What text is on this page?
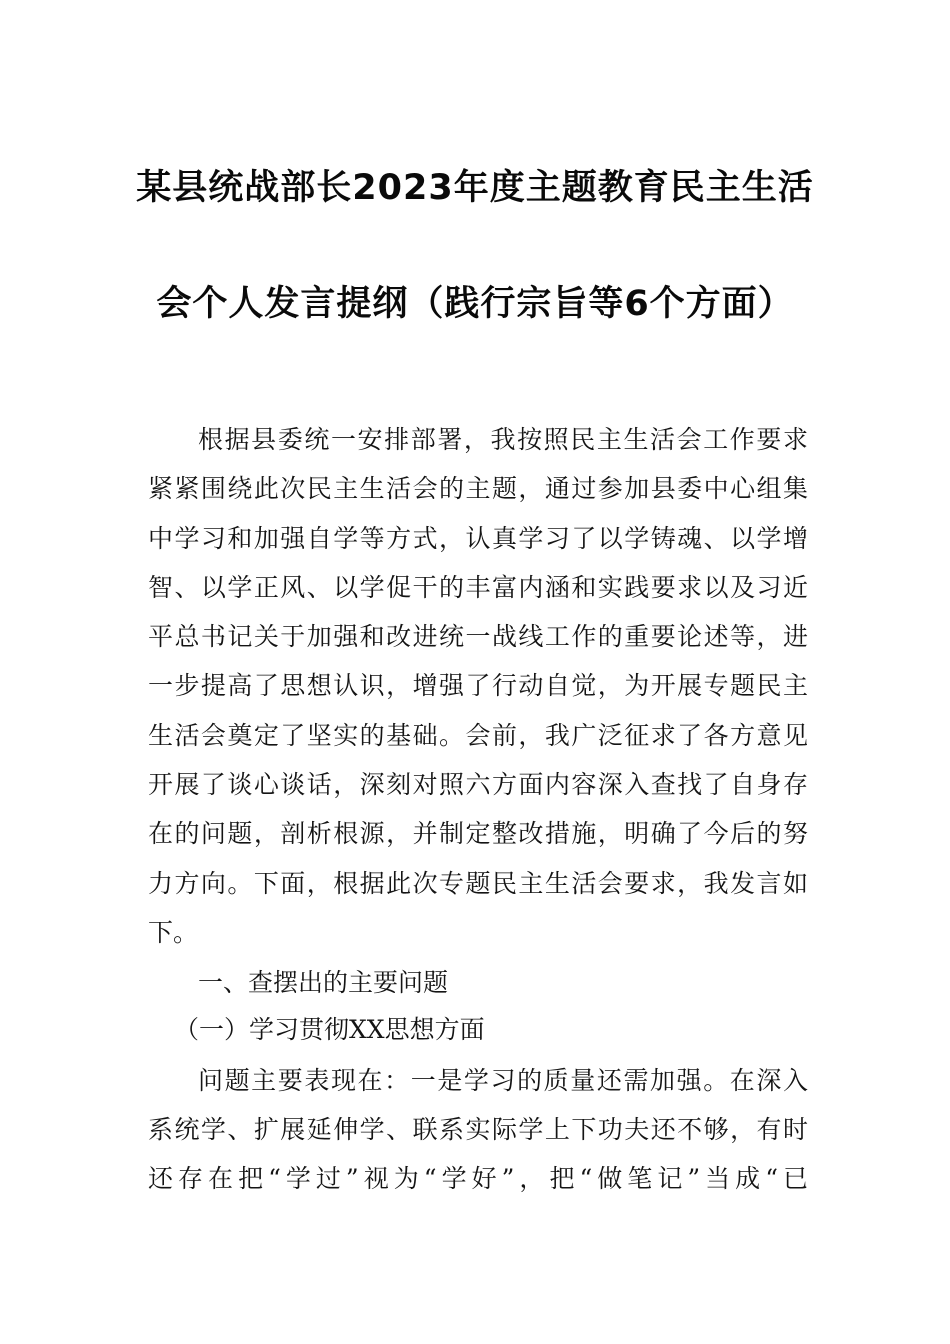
某县统战部长2023年度主题教育民主生活
会个人发言提纲（践行宗旨等6个方面）
根据县委统一安排部署，我按照民主生活会工作要求
紧紧围绕此次民主生活会的主题，通过参加县委中心组集
中学习和加强自学等方式，认真学习了以学铸魂、以学增
智、以学正风、以学促干的丰富内涵和实践要求以及习近
平总书记关于加强和改进统一战线工作的重要论述等，进
一步提高了思想认识，增强了行动自觉，为开展专题民主
生活会奠定了坚实的基础。会前，我广泛征求了各方意见
开展了谈心谈话，深刻对照六方面内容深入查找了自身存
在的问题，剖析根源，并制定整改措施，明确了今后的努
力方向。下面，根据此次专题民主生活会要求，我发言如
下。
一、查摆出的主要问题
（一）学习贯彻XX思想方面
问题主要表现在：一是学习的质量还需加强。在深入
系统学、扩展延伸学、联系实际学上下功夫还不够，有时
还存在把“学过”视为“学好”，把“做笔记”当成“已
